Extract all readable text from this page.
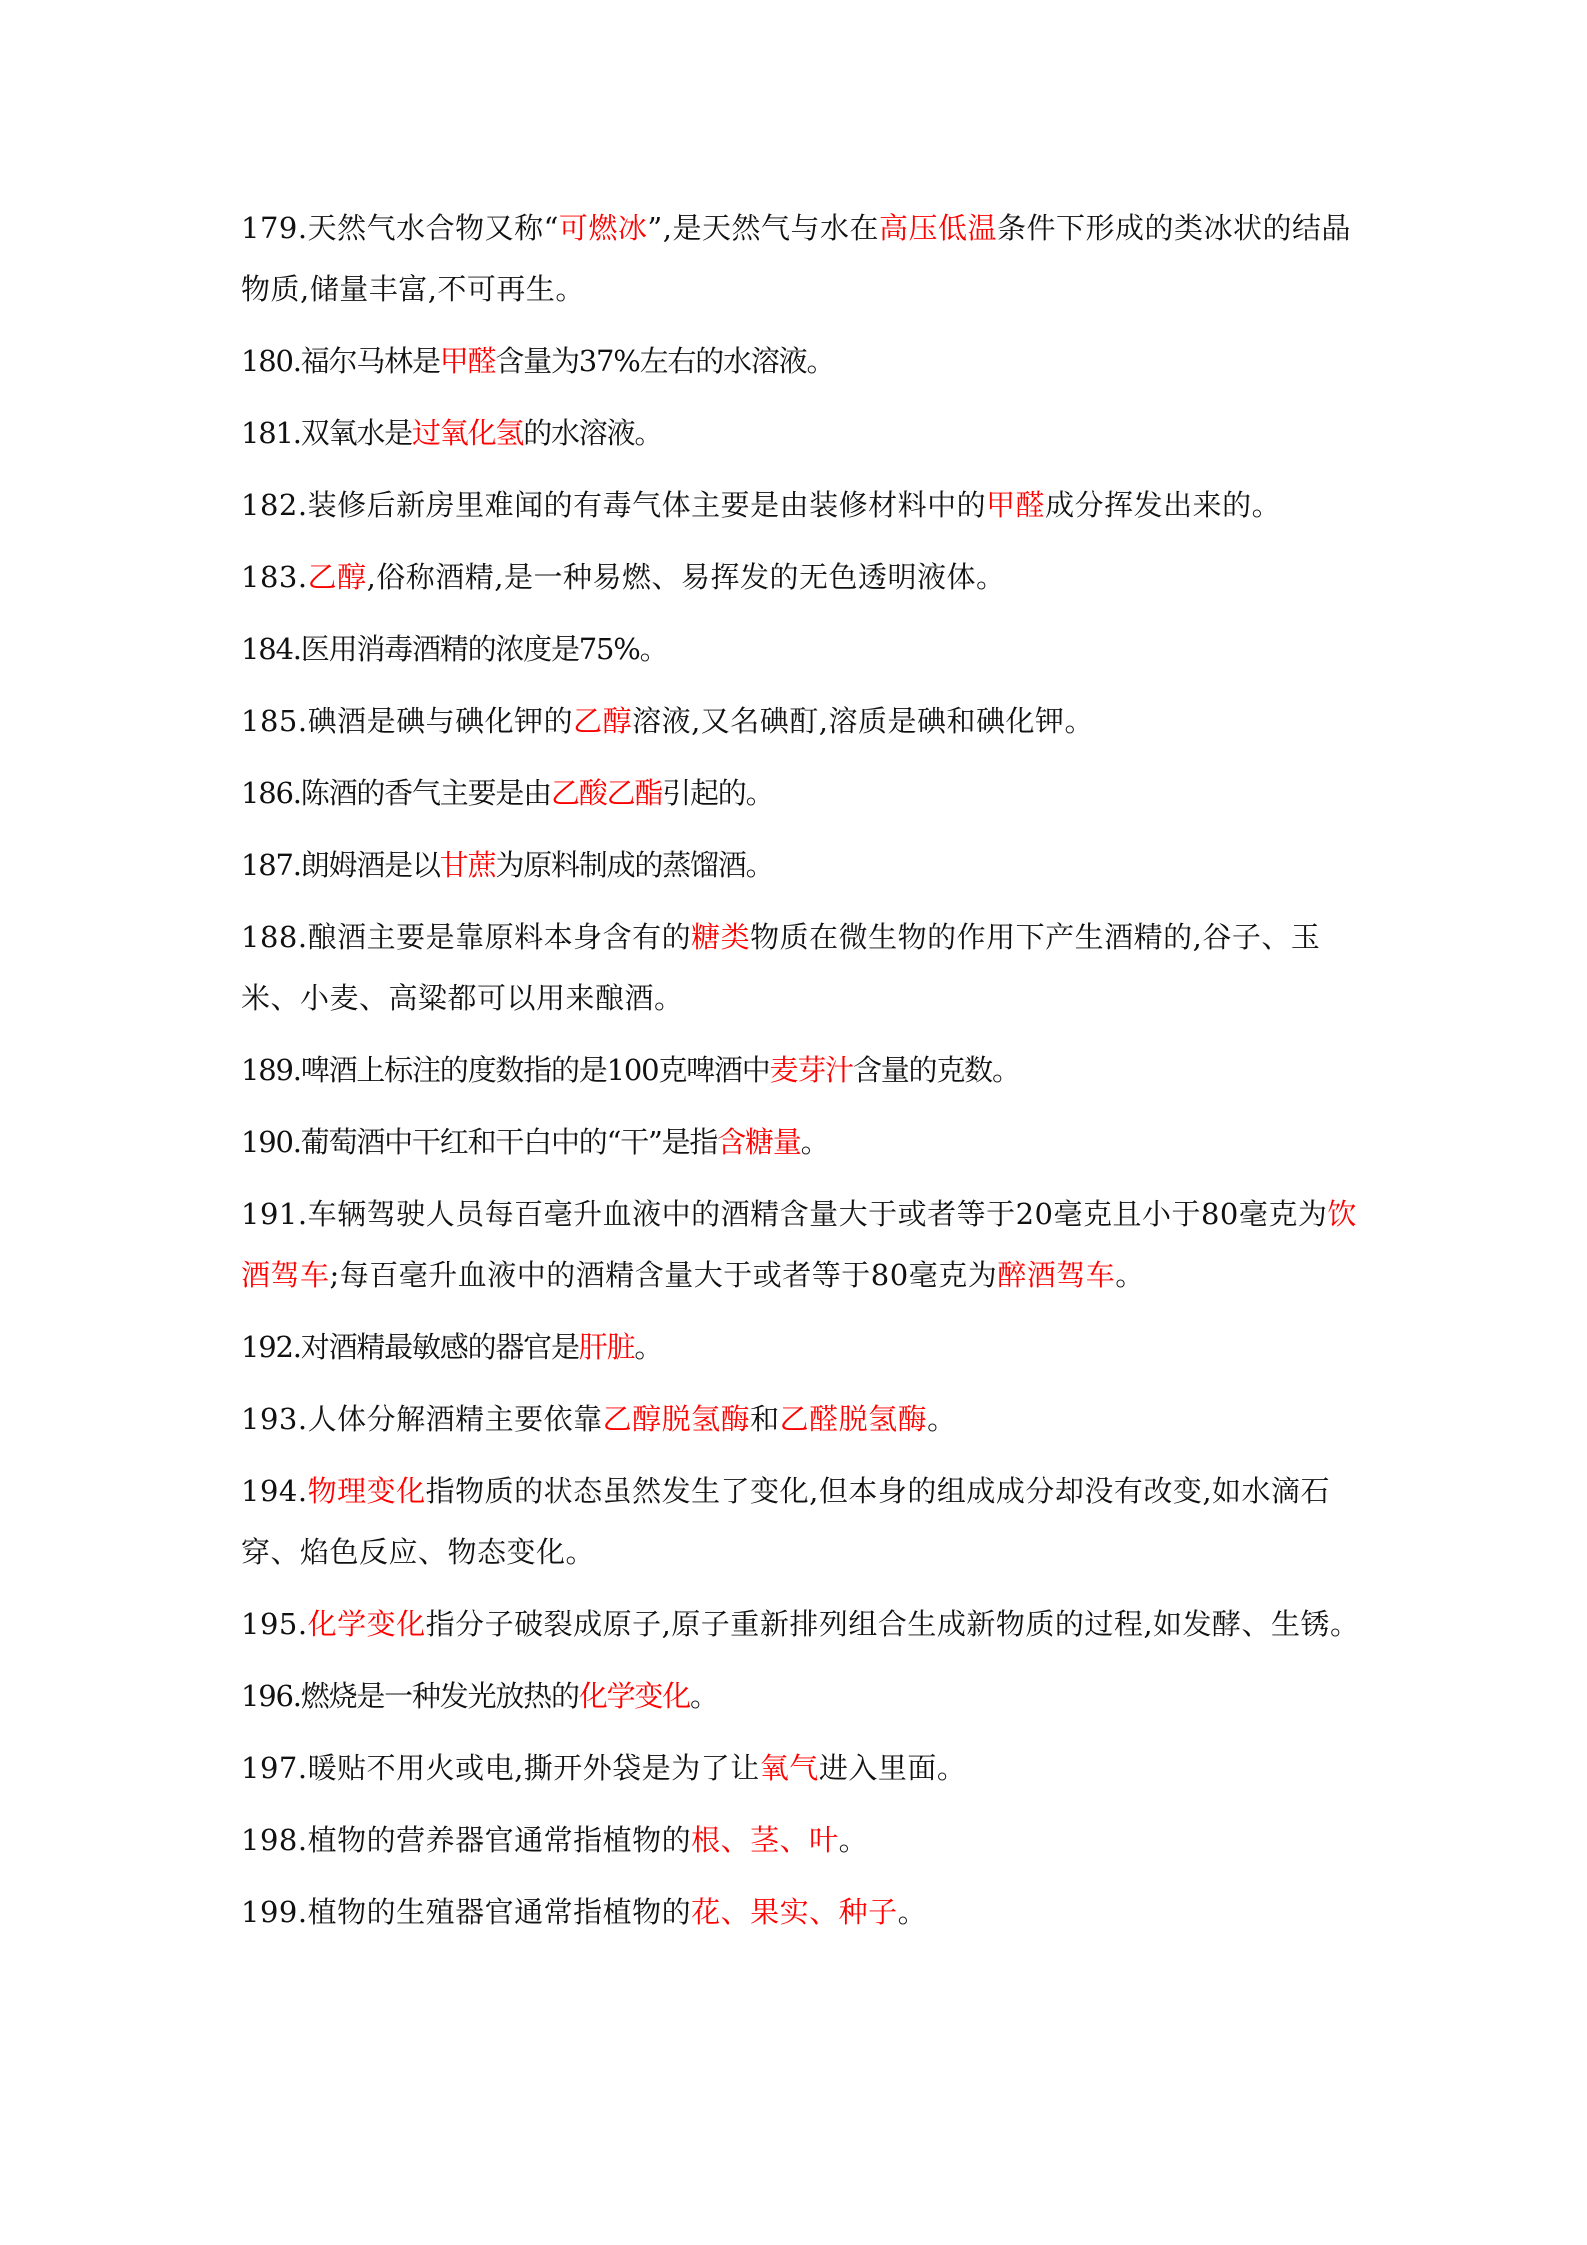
179.天然气水合物又称“可燃冰”,是天然气与水在高压低温条件下形成的类冰状的结晶物质,储量丰富,不可再生。

180.福尔马林是甲醛含量为37%左右的水溶液。

181.双氧水是过氧化氢的水溶液。

182.装修后新房里难闻的有毒气体主要是由装修材料中的甲醛成分挥发出来的。

183.乙醇,俗称酒精,是一种易燃、易挥发的无色透明液体。

184.医用消毒酒精的浓度是75%。

185.碘酒是碘与碘化钾的乙醇溶液,又名碘酊,溶质是碘和碘化钾。

186.陈酒的香气主要是由乙酸乙酯引起的。

187.朗姆酒是以甘蔗为原料制成的蒸馏酒。

188.酿酒主要是靠原料本身含有的糖类物质在微生物的作用下产生酒精的,谷子、玉米、小麦、高粱都可以用来酿酒。

189.啤酒上标注的度数指的是100克啤酒中麦芽汁含量的克数。

190.葡萄酒中干红和干白中的“干”是指含糖量。

191.车辆驾驶人员每百毫升血液中的酒精含量大于或者等于20毫克且小于80毫克为饮酒驾车;每百毫升血液中的酒精含量大于或者等于80毫克为醉酒驾车。

192.对酒精最敏感的器官是肝脏。

193.人体分解酒精主要依靠乙醇脱氢酶和乙醛脱氢酶。

194.物理变化指物质的状态虽然发生了变化,但本身的组成成分却没有改变,如水滴石穿、焰色反应、物态变化。

195.化学变化指分子破裂成原子,原子重新排列组合生成新物质的过程,如发酵、生锈。

196.燃烧是一种发光放热的化学变化。

197.暖贴不用火或电,撕开外袋是为了让氧气进入里面。

198.植物的营养器官通常指植物的根、茎、叶。

199.植物的生殖器官通常指植物的花、果实、种子。
